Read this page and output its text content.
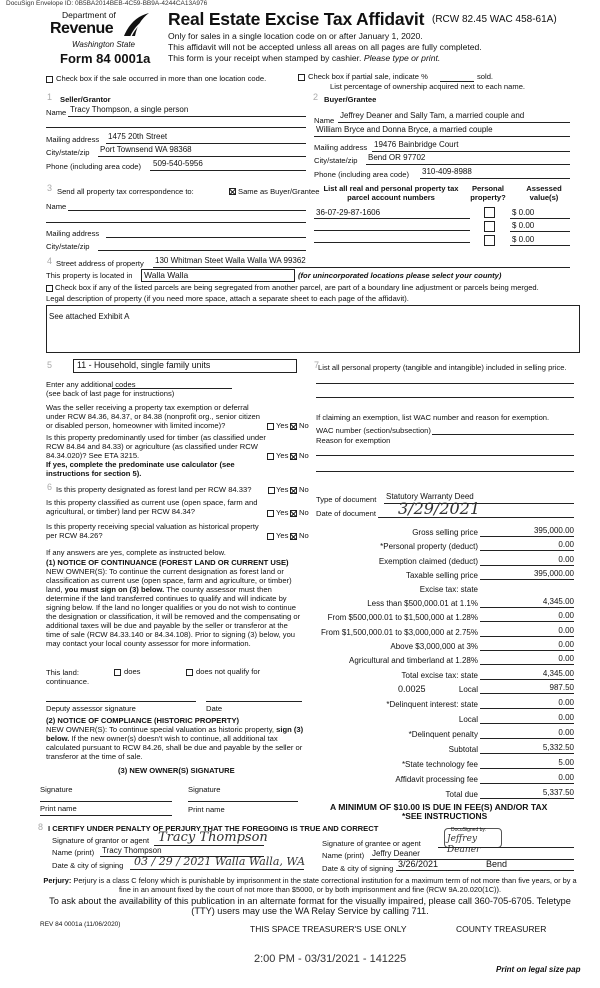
DocuSign Envelope ID: 0B5BA2014BEB-4C59-BB9A-4244CA13A976
Department of
Revenue
Washington State
Form 84 0001a
Real Estate Excise Tax Affidavit (RCW 82.45 WAC 458-61A)
Only for sales in a single location code on or after January 1, 2020.
This affidavit will not be accepted unless all areas on all pages are fully completed.
This form is your receipt when stamped by cashier. Please type or print.
Check box if the sale occurred in more than one location code.	Check box if partial sale, indicate %	sold.
List percentage of ownership acquired next to each name.
1 Seller/Grantor
Name Tracy Thompson, a single person
Mailing address 1475 20th Street
City/state/zip Port Townsend WA 98368
Phone (including area code) 509-540-5956
2 Buyer/Grantee
Name
Jeffrey Deaner and Sally Tam, a married couple and
William Bryce and Donna Bryce, a married couple
Mailing address 19476 Bainbridge Court
City/state/zip Bend OR 97702
Phone (including area code) 310-409-8988
3 Send all property tax correspondence to:	Same as Buyer/Grantee
Name
Mailing address
City/state/zip
List all real and personal property tax parcel account numbers
Personal property?
Assessed value(s)
36-07-29-87-1606	$ 0.00
$ 0.00
$ 0.00
4 Street address of property 130 Whitman Steet Walla Walla WA 99362
This property is located in Walla Walla	(for unincorporated locations please select your county)
Check box if any of the listed parcels are being segregated from another parcel, are part of a boundary line adjustment or parcels being merged.
Legal description of property (if you need more space, attach a separate sheet to each page of the affidavit).
See attached Exhibit A
5	11 - Household, single family units
Enter any additional codes
(see back of last page for instructions)
Was the seller receiving a property tax exemption or deferral under RCW 84.36, 84.37, or 84.38 (nonprofit org., senior citizen or disabled person, homeowner with limited income)?	Yes No
Is this property predominantly used for timber (as classified under RCW 84.84 and 84.33) or agriculture (as classified under RCW 84.34.020)? See ETA 3215.	Yes No
If yes, complete the predominate use calculator (see instructions for section 5).
6 Is this property designated as forest land per RCW 84.33?	Yes No
Is this property classified as current use (open space, farm and agricultural, or timber) land per RCW 84.34?	Yes No
Is this property receiving special valuation as historical property per RCW 84.26?	Yes No
If any answers are yes, complete as instructed below.
(1) NOTICE OF CONTINUANCE (FOREST LAND OR CURRENT USE)
NEW OWNER(S): To continue the current designation as forest land or classification as current use (open space, farm and agriculture, or timber) land, you must sign on (3) below. The county assessor must then determine if the land transferred continues to qualify and will indicate by signing below. If the land no longer qualifies or you do not wish to continue the designation or classification, it will be removed and the compensating or additional taxes will be due and payable by the seller or transferor at the time of sale (RCW 84.33.140 or 84.34.108). Prior to signing (3) below, you may contact your local county assessor for more information.
This land:	does	does not qualify for
continuance.
Deputy assessor signature	Date
(2) NOTICE OF COMPLIANCE (HISTORIC PROPERTY)
NEW OWNER(S): To continue special valuation as historic property, sign (3) below. If the new owner(s) doesn't wish to continue, all additional tax calculated pursuant to RCW 84.26, shall be due and payable by the seller or transferor at the time of sale.
(3) NEW OWNER(S) SIGNATURE
Signature	Signature
Print name	Print name
7
List all personal property (tangible and intangible) included in selling price.
If claiming an exemption, list WAC number and reason for exemption.
WAC number (section/subsection)
Reason for exemption
Type of document Statutory Warranty Deed
Date of document 3/29/2021
Gross selling price	395,000.00
*Personal property (deduct)	0.00
Exemption claimed (deduct)	0.00
Taxable selling price	395,000.00
Excise tax: state
Less than $500,000.01 at 1.1%	4,345.00
From $500,000.01 to $1,500,000 at 1.28%	0.00
From $1,500,000.01 to $3,000,000 at 2.75%	0.00
Above $3,000,000 at 3%	0.00
Agricultural and timberland at 1.28%	0.00
Total excise tax: state	4,345.00
0.0025	Local	987.50
*Delinquent interest: state	0.00
Local	0.00
*Delinquent penalty	0.00
Subtotal	5,332.50
*State technology fee	5.00
Affidavit processing fee	0.00
Total due	5,337.50
A MINIMUM OF $10.00 IS DUE IN FEE(S) AND/OR TAX
*SEE INSTRUCTIONS
8 I CERTIFY UNDER PENALTY OF PERJURY THAT THE FOREGOING IS TRUE AND CORRECT
Signature of grantor or agent Tracy Thompson
Name (print) Tracy Thompson
Date & city of signing 03 / 29 / 2021 Walla Walla, WA
DocuSigned by:
Jeffrey Deaner
Signature of grantee or agent
Name (print) Jeffry Deaner
Date & city of signing 3/26/2021	Bend
Perjury: Perjury is a class C felony which is punishable by imprisonment in the state correctional institution for a maximum term of not more than five years, or by a fine in an amount fixed by the court of not more than $5000, or by both imprisonment and fine (RCW 9A.20.020(1C)).
To ask about the availability of this publication in an alternate format for the visually impaired, please call 360-705-6705. Teletype (TTY) users may use the WA Relay Service by calling 711.
REV 84 0001a (11/06/2020)	THIS SPACE TREASURER'S USE ONLY	COUNTY TREASURER
2:00 PM - 03/31/2021 - 141225
Print on legal size pap
